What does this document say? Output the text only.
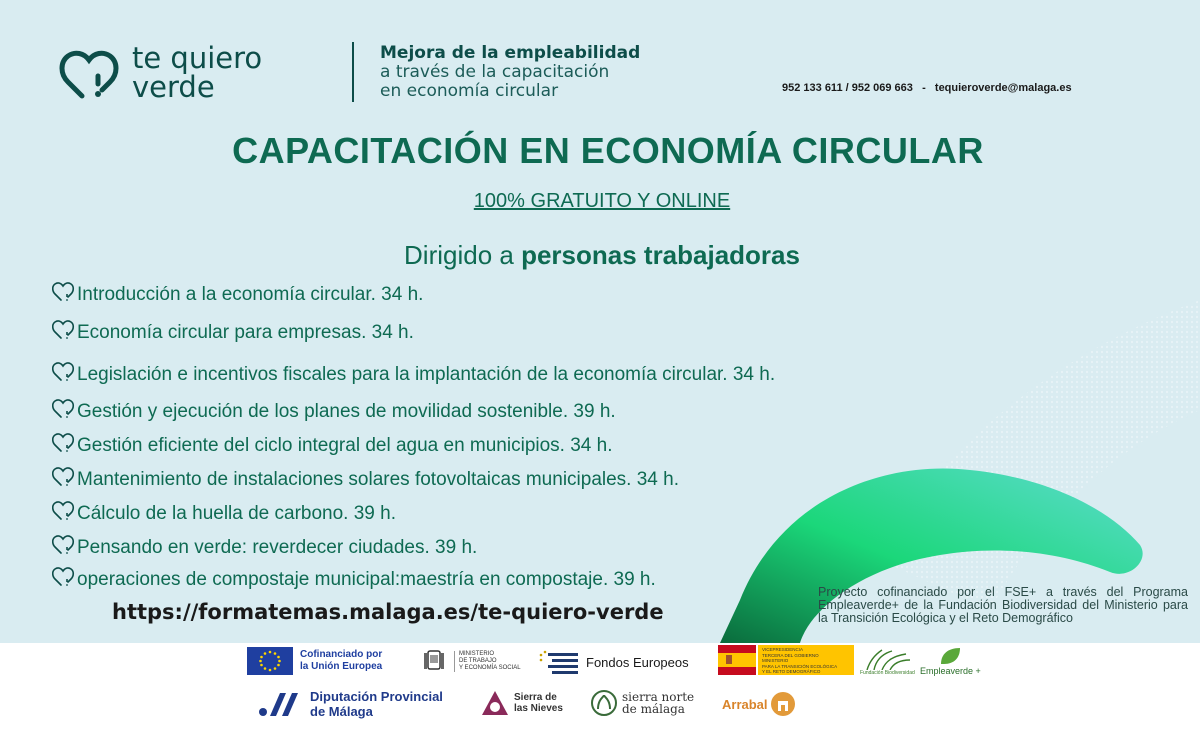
te quiero
verde
Mejora de la empleabilidad
a través de la capacitación
en economía circular	952 133 611 / 952 069 663   -   tequieroverde@malaga.es
CAPACITACIÓN EN ECONOMÍA CIRCULAR
100% GRATUITO Y ONLINE
Dirigido a personas trabajadoras
Introducción a la economía circular. 34 h.
Economía circular para empresas. 34 h.
Legislación e incentivos fiscales para la implantación de la economía circular. 34 h.
Gestión y ejecución de los planes de movilidad sostenible. 39 h.
Gestión eficiente del ciclo integral del agua en municipios. 34 h.
Mantenimiento de instalaciones solares fotovoltaicas municipales. 34 h.
Cálculo de la huella de carbono. 39 h.
Pensando en verde: reverdecer ciudades. 39 h.
operaciones de compostaje municipal:maestría en compostaje. 39 h.
https://formatemas.malaga.es/te-quiero-verde
Proyecto cofinanciado por el FSE+ a través del Programa Empleaverde+ de la Fundación Biodiversidad del Ministerio para la Transición Ecológica y el Reto Demográfico
Cofinanciado por
la Unión Europea
MINISTERIO
DE TRABAJO
Y ECONOMÍA SOCIAL	Fondos Europeos
VICEPRESIDENCIA
TERCERA DEL GOBIERNO
MINISTERIO
PARA LA TRANSICIÓN ECOLÓGICA
Y EL RETO DEMOGRÁFICO	Fundación Biodiversidad Empleaverde +
Diputación Provincial
de Málaga
Sierra de
las Nieves
sierra norte
de málaga	Arrabal
